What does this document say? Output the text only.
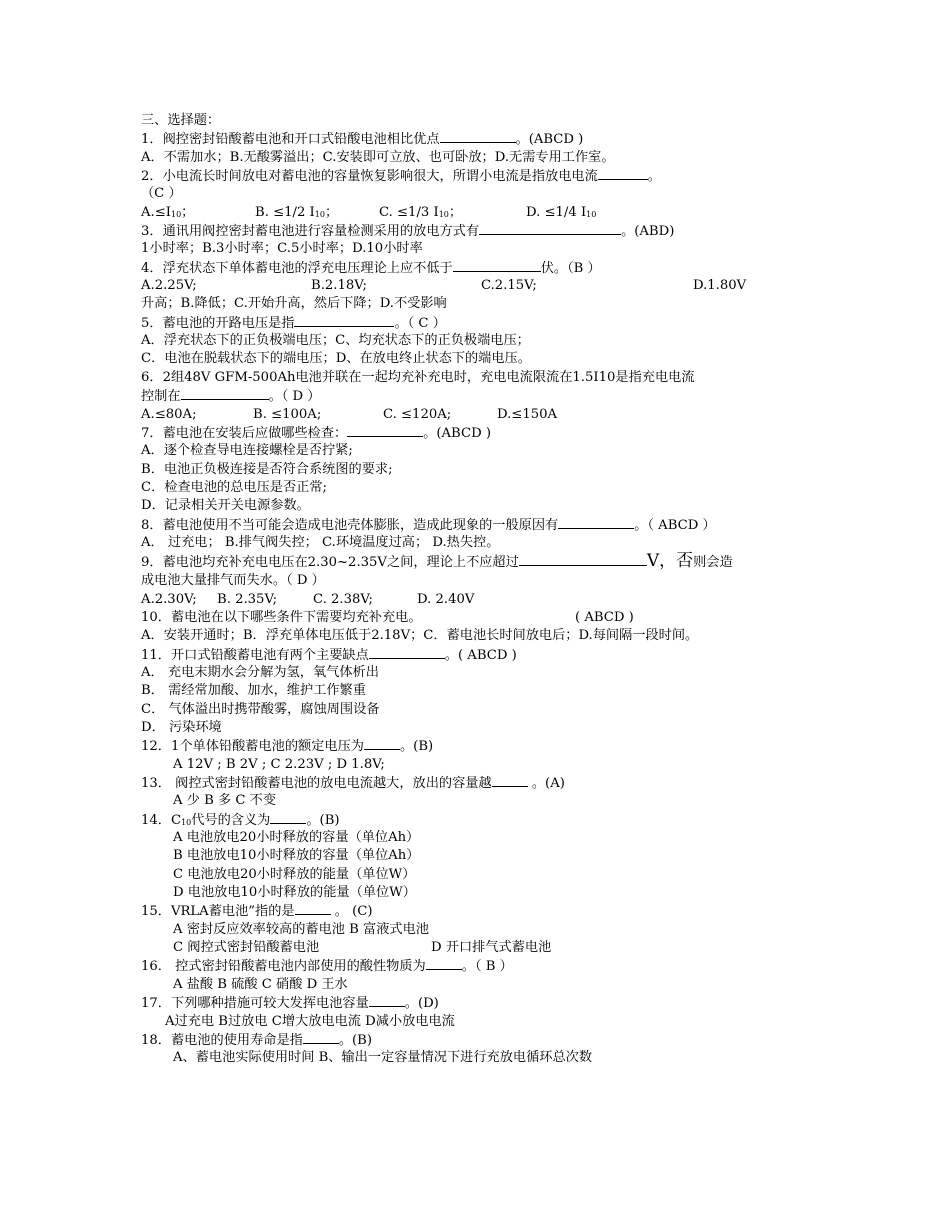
三、选择题：
1．阀控密封铅酸蓄电池和开口式铅酸电池相比优点	。(ABCD )
A．不需加水；B.无酸雾溢出；C.安装即可立放、也可卧放；D.无需专用工作室。
2．小电流长时间放电对蓄电池的容量恢复影响很大，所谓小电流是指放电电流	。
（C ）
$A.\le I_{10}$；	B. ≤1/2 $I_{10}$；	C. ≤1/3 $I_{10}$；	D. ≤1/4 $I_{10}$
3．通讯用阀控密封蓄电池进行容量检测采用的放电方式有	。(ABD)
1小时率；B.3小时率；C.5小时率；D.10小时率
4．浮充状态下单体蓄电池的浮充电压理论上应不低于	伏。（B ）
A.2.25V;	B.2.18V;	C.2.15V;	D.1.80V
升高；B.降低；C.开始升高，然后下降；D.不受影响
5．蓄电池的开路电压是指	。（ C ）
A．浮充状态下的正负极端电压；C、均充状态下的正负极端电压；
C．电池在脱载状态下的端电压；D、在放电终止状态下的端电压。
6．2组48V GFM-500Ah电池并联在一起均充补充电时，充电电流限流在1.5Ⅰ10是指充电电流
控制在	。（ D ）
A.≤80A;	B. ≤100A;	C. ≤120A;	D.≤150A
7．蓄电池在安装后应做哪些检查：	。(ABCD )
A．逐个检查导电连接螺栓是否拧紧;
B．电池正负极连接是否符合系统图的要求;
C．检查电池的总电压是否正常;
D．记录相关开关电源参数。
8．蓄电池使用不当可能会造成电池壳体膨胀，造成此现象的一般原因有	。（ ABCD ）
A． 过充电； B.排气阀失控； C.环境温度过高； D.热失控。
9．蓄电池均充补充电电压在2.30~2.35V之间，理论上不应超过	V，否则会造
成电池大量排气而失水。（ D ）
A.2.30V; B. 2.35V;	C. 2.38V;	D. 2.40V
10．蓄电池在以下哪些条件下需要均充补充电。	( ABCD )
A．安装开通时；B．浮充单体电压低于2.18V；C．蓄电池长时间放电后；D.每间隔一段时间。
11．开口式铅酸蓄电池有两个主要缺点	。( ABCD )
A． 充电末期水会分解为氢，氧气体析出
B． 需经常加酸、加水，维护工作繁重
C． 气体溢出时携带酸雾，腐蚀周围设备
D． 污染环境
12．1个单体铅酸蓄电池的额定电压为	。(B)
A 12V ; B 2V ; C 2.23V ; D 1.8V;
13． 阀控式密封铅酸蓄电池的放电电流越大，放出的容量越	。(A)
A 少 B 多 C 不变
14．$C_{10}$代号的含义为	。(B)
A 电池放电20小时释放的容量（单位Ah）
B 电池放电10小时释放的容量（单位Ah）
C 电池放电20小时释放的能量（单位W）
D 电池放电10小时释放的能量（单位W）
15．VRLA蓄电池”指的是	。 (C)
A 密封反应效率较高的蓄电池 B 富液式电池
C 阀控式密封铅酸蓄电池	D 开口排气式蓄电池
16． 控式密封铅酸蓄电池内部使用的酸性物质为	。（ B ）
A 盐酸 B 硫酸 C 硝酸 D 王水
17．下列哪种措施可较大发挥电池容量	。(D)
A过充电 B过放电 C增大放电电流 D减小放电电流
18．蓄电池的使用寿命是指	。(B)
A、蓄电池实际使用时间 B、输出一定容量情况下进行充放电循环总次数
